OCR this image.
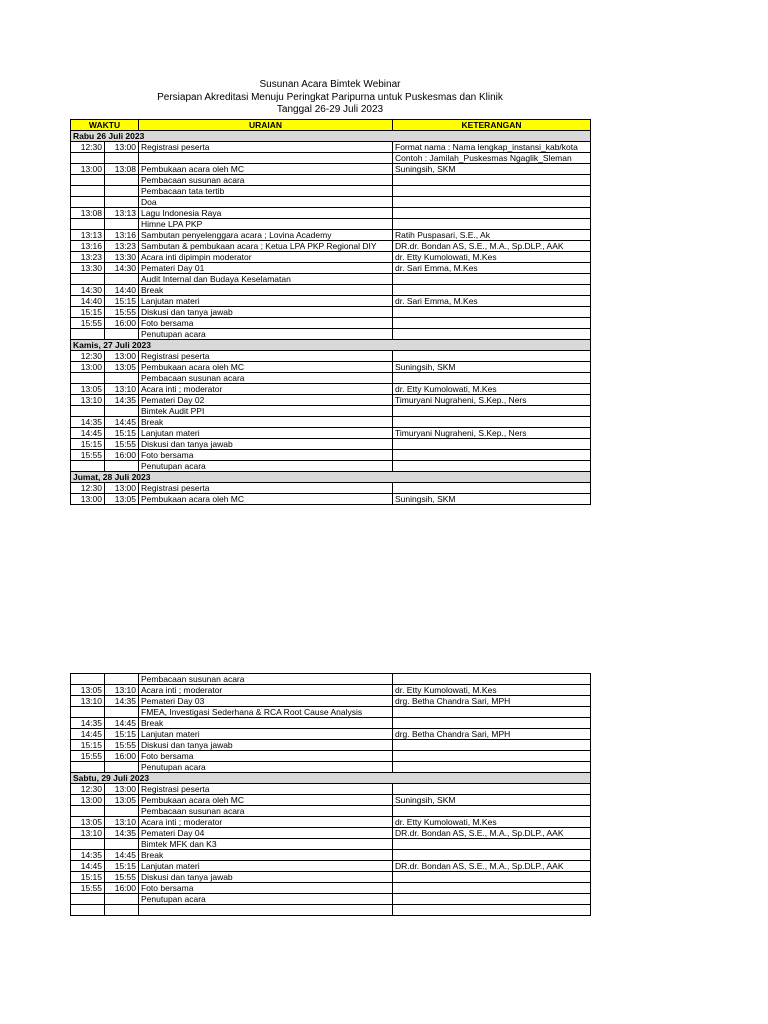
Susunan Acara Bimtek Webinar
Persiapan Akreditasi Menuju Peringkat Paripurna untuk Puskesmas dan Klinik
Tanggal 26-29 Juli 2023
WAKTU		URAIAN	KETERANGAN
Rabu 26 Juli 2023			
12:30	13:00	Registrasi peserta	Format nama : Nama lengkap_instansi_kab/kota
			Contoh : Jamilah_Puskesmas Ngaglik_Sleman
13:00	13:08	Pembukaan acara oleh MC	Suningsih, SKM
		Pembacaan susunan acara	
		Pembacaan tata tertib	
		Doa	
13:08	13:13	Lagu Indonesia Raya	
		Himne LPA PKP	
13:13	13:16	Sambutan penyelenggara acara ; Lovina Academy	Ratih Puspasari, S.E., Ak
13:16	13:23	Sambutan & pembukaan acara ; Ketua LPA PKP Regional DIY	DR.dr. Bondan AS, S.E., M.A., Sp.DLP., AAK
13:23	13:30	Acara inti dipimpin moderator	dr. Etty Kumolowati, M.Kes
13:30	14:30	Pemateri Day 01	dr. Sari Emma, M.Kes
		Audit Internal dan Budaya Keselamatan	
14:30	14:40	Break	
14:40	15:15	Lanjutan materi	dr. Sari Emma, M.Kes
15:15	15:55	Diskusi dan tanya jawab	
15:55	16:00	Foto bersama	
		Penutupan acara	
Kamis, 27 Juli 2023			
12:30	13:00	Registrasi peserta	
13:00	13:05	Pembukaan acara oleh MC	Suningsih, SKM
		Pembacaan susunan acara	
13:05	13:10	Acara inti ; moderator	dr. Etty Kumolowati, M.Kes
13:10	14:35	Pemateri Day 02	Timuryani Nugraheni, S.Kep., Ners
		Bimtek Audit PPI	
14:35	14:45	Break	
14:45	15:15	Lanjutan materi	Timuryani Nugraheni, S.Kep., Ners
15:15	15:55	Diskusi dan tanya jawab	
15:55	16:00	Foto bersama	
		Penutupan acara	
Jumat, 28 Juli 2023			
12:30	13:00	Registrasi peserta	
13:00	13:05	Pembukaan acara oleh MC	Suningsih, SKM
		Pembacaan susunan acara	
13:05	13:10	Acara inti ; moderator	dr. Etty Kumolowati, M.Kes
13:10	14:35	Pemateri Day 03	drg. Betha Chandra Sari, MPH
		FMEA, Investigasi Sederhana & RCA Root Cause Analysis	
14:35	14:45	Break	
14:45	15:15	Lanjutan materi	drg. Betha Chandra Sari, MPH
15:15	15:55	Diskusi dan tanya jawab	
15:55	16:00	Foto bersama	
		Penutupan acara	
Sabtu, 29 Juli 2023			
12:30	13:00	Registrasi peserta	
13:00	13:05	Pembukaan acara oleh MC	Suningsih, SKM
		Pembacaan susunan acara	
13:05	13:10	Acara inti ; moderator	dr. Etty Kumolowati, M.Kes
13:10	14:35	Pemateri Day 04	DR.dr. Bondan AS, S.E., M.A., Sp.DLP., AAK
		Bimtek MFK dan K3	
14:35	14:45	Break	
14:45	15:15	Lanjutan materi	DR.dr. Bondan AS, S.E., M.A., Sp.DLP., AAK
15:15	15:55	Diskusi dan tanya jawab	
15:55	16:00	Foto bersama	
		Penutupan acara	
